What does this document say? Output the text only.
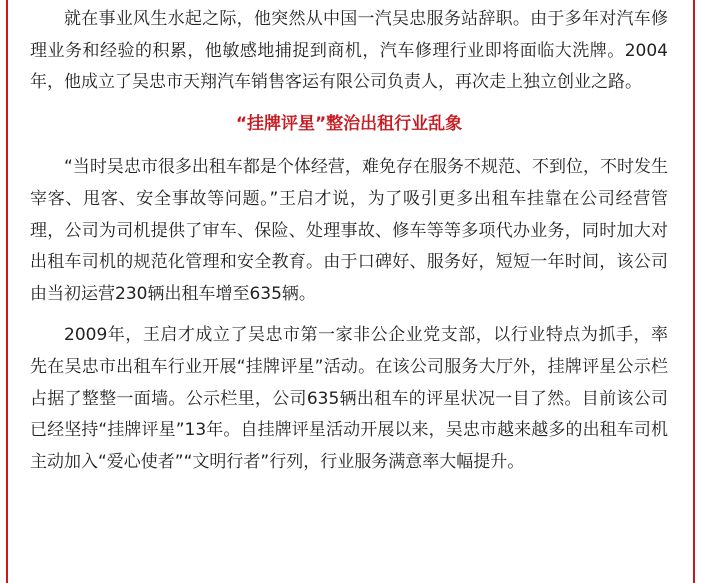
就在事业风生水起之际，他突然从中国一汽吴忠服务站辞职。由于多年对汽车修理业务和经验的积累，他敏感地捕捉到商机，汽车修理行业即将面临大洗牌。2004年，他成立了吴忠市天翔汽车销售客运有限公司负责人，再次走上独立创业之路。

“挂牌评星”整治出租行业乱象

“当时吴忠市很多出租车都是个体经营，难免存在服务不规范、不到位，不时发生宰客、甩客、安全事故等问题。”王启才说，为了吸引更多出租车挂靠在公司经营管理，公司为司机提供了审车、保险、处理事故、修车等等多项代办业务，同时加大对出租车司机的规范化管理和安全教育。由于口碑好、服务好，短短一年时间，该公司由当初运营230辆出租车增至635辆。

2009年，王启才成立了吴忠市第一家非公企业党支部，以行业特点为抓手，率先在吴忠市出租车行业开展“挂牌评星”活动。在该公司服务大厅外，挂牌评星公示栏占据了整整一面墙。公示栏里，公司635辆出租车的评星状况一目了然。目前该公司已经坚持“挂牌评星”13年。自挂牌评星活动开展以来，吴忠市越来越多的出租车司机主动加入“爱心使者”“文明行者”行列，行业服务满意率大幅提升。
